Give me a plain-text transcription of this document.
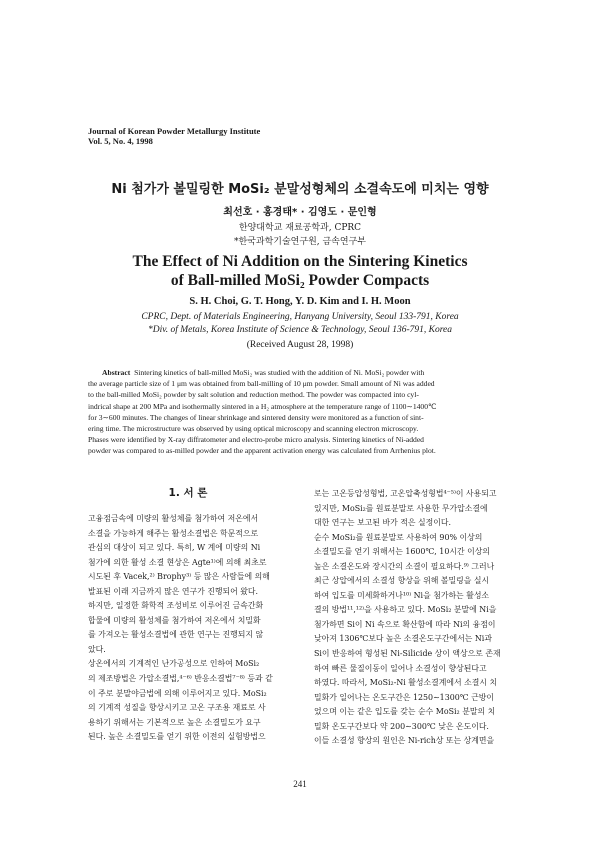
Journal of Korean Powder Metallurgy Institute
Vol. 5, No. 4, 1998
Ni 첨가가 볼밀링한 MoSi₂ 분말성형체의 소결속도에 미치는 영향
최선호 · 홍경태* · 김영도 · 문인형
한양대학교 재료공학과, CPRC
*한국과학기술연구원, 금속연구부
The Effect of Ni Addition on the Sintering Kinetics
of Ball-milled MoSi₂ Powder Compacts
S. H. Choi, G. T. Hong, Y. D. Kim and I. H. Moon
CPRC, Dept. of Materials Engineering, Hanyang University, Seoul 133-791, Korea
*Div. of Metals, Korea Institute of Science & Technology, Seoul 136-791, Korea
(Received August 28, 1998)
Abstract Sintering kinetics of ball-milled MoSi₂ was studied with the addition of Ni. MoSi₂ powder with
the average particle size of 1 μm was obtained from ball-milling of 10 μm powder. Small amount of Ni was added
to the ball-milled MoSi₂ powder by salt solution and reduction method. The powder was compacted into cyl-
indrical shape at 200 MPa and isothermally sintered in a H₂ atmosphere at the temperature range of 1100∼1400℃
for 3∼600 minutes. The changes of linear shrinkage and sintered density were monitored as a function of sint-
ering time. The microstructure was observed by using optical microscopy and scanning electron microscopy.
Phases were identified by X-ray diffratometer and electro-probe micro analysis. Sintering kinetics of Ni-added
powder was compared to as-milled powder and the apparent activation energy was calculated from Arrhenius plot.
1. 서 론
고융점금속에 미량의 활성체를 첨가하여 저온에서
소결을 가능하게 해주는 활성소결법은 학문적으로
관심의 대상이 되고 있다. 특히, W 계에 미량의 Ni
첨가에 의한 활성 소결 현상은 Agte¹⁾에 의해 최초로
시도된 후 Vacek,²⁾ Brophy³⁾ 등 많은 사람들에 의해
발표된 이래 지금까지 많은 연구가 진행되어 왔다.
하지만, 일정한 화학적 조성비로 이루어진 금속간화
합물에 미량의 활성체를 첨가하여 저온에서 치밀화
를 가져오는 활성소결법에 관한 연구는 진행되지 않
았다.
상온에서의 기계적인 난가공성으로 인하여 MoSi₂
의 제조방법은 가압소결법,⁴⁻⁶⁾ 반응소결법⁷⁻⁸⁾ 등과 같
이 주로 분말야금법에 의해 이루어지고 있다. MoSi₂
의 기계적 성질을 향상시키고 고온 구조용 재료로 사
용하기 위해서는 기본적으로 높은 소결밀도가 요구
된다. 높은 소결밀도를 얻기 위한 이전의 실험방법으
로는 고온등압성형법, 고온압축성형법⁴⁻⁵⁾이 사용되고
있지만, MoSi₂를 원료분말로 사용한 무가압소결에
대한 연구는 보고된 바가 적은 실정이다.
순수 MoSi₂를 원료분말로 사용하여 90% 이상의
소결밀도를 얻기 위해서는 1600℃, 10시간 이상의
높은 소결온도와 장시간의 소결이 필요하다.⁹⁾ 그러나
최근 상압에서의 소결성 향상을 위해 볼밀링을 실시
하여 입도를 미세화하거나¹⁰⁾ Ni을 첨가하는 활성소
결의 방법¹¹,¹²⁾을 사용하고 있다. MoSi₂ 분말에 Ni을
첨가하면 Si이 Ni 속으로 확산함에 따라 Ni의 융점이
낮아져 1306℃보다 높은 소결온도구간에서는 Ni과
Si이 반응하여 형성된 Ni-Silicide 상이 액상으로 존재
하여 빠른 물질이동이 일어나 소결성이 향상된다고
하였다. 따라서, MoSi₂-Ni 활성소결계에서 소결시 치
밀화가 일어나는 온도구간은 1250∼1300℃ 근방이
었으며 이는 같은 입도를 갖는 순수 MoSi₂ 분말의 치
밀화 온도구간보다 약 200∼300℃ 낮은 온도이다.
이들 소결성 향상의 원인은 Ni-rich상 또는 상계면을
241
